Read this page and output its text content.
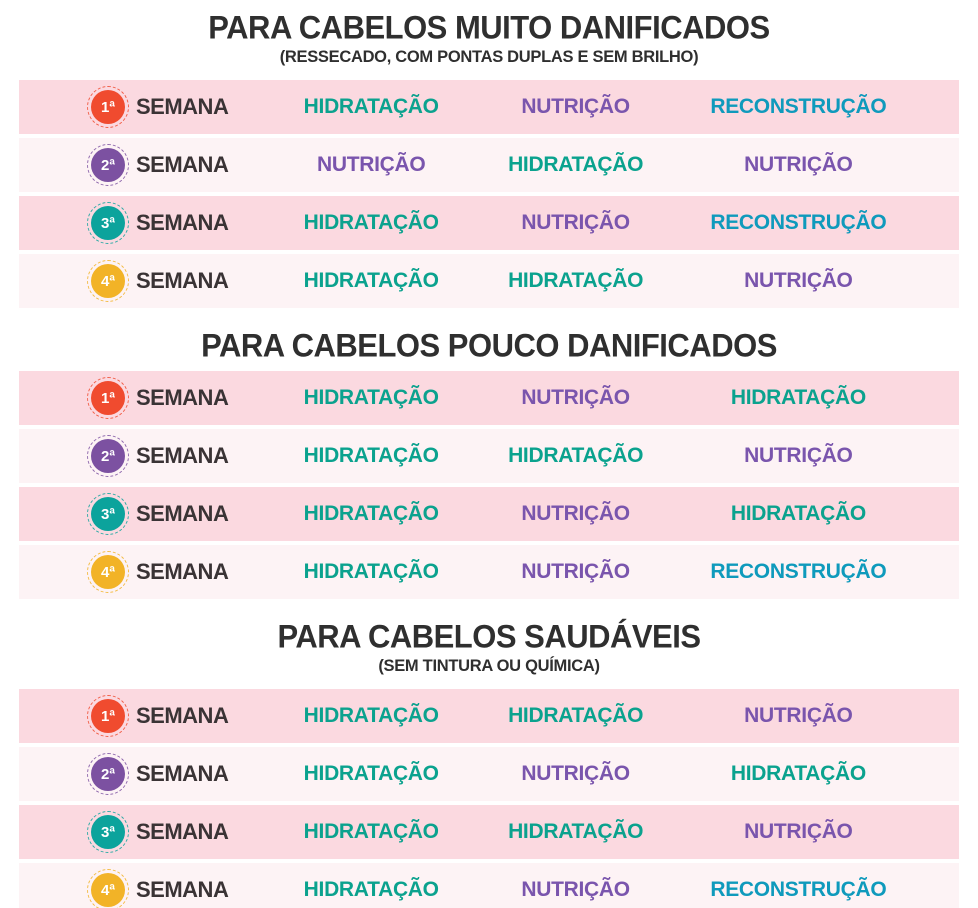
PARA CABELOS MUITO DANIFICADOS

(RESSECADO, COM PONTAS DUPLAS E SEM BRILHO)

1ª SEMANA	HIDRATAÇÃO	NUTRIÇÃO	RECONSTRUÇÃO
2ª SEMANA	NUTRIÇÃO	HIDRATAÇÃO	NUTRIÇÃO
3ª SEMANA	HIDRATAÇÃO	NUTRIÇÃO	RECONSTRUÇÃO
4ª SEMANA	HIDRATAÇÃO	HIDRATAÇÃO	NUTRIÇÃO
PARA CABELOS POUCO DANIFICADOS
1ª SEMANA	HIDRATAÇÃO	NUTRIÇÃO	HIDRATAÇÃO
2ª SEMANA	HIDRATAÇÃO	HIDRATAÇÃO	NUTRIÇÃO
3ª SEMANA	HIDRATAÇÃO	NUTRIÇÃO	HIDRATAÇÃO
4ª SEMANA	HIDRATAÇÃO	NUTRIÇÃO	RECONSTRUÇÃO
PARA CABELOS SAUDÁVEIS

(SEM TINTURA OU QUÍMICA)

1ª SEMANA	HIDRATAÇÃO	HIDRATAÇÃO	NUTRIÇÃO
2ª SEMANA	HIDRATAÇÃO	NUTRIÇÃO	HIDRATAÇÃO
3ª SEMANA	HIDRATAÇÃO	HIDRATAÇÃO	NUTRIÇÃO
4ª SEMANA	HIDRATAÇÃO	NUTRIÇÃO	RECONSTRUÇÃO
